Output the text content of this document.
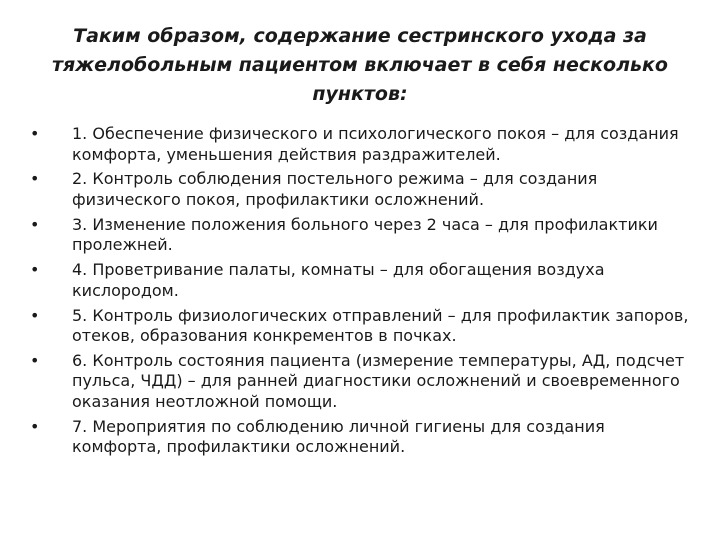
Таким образом, содержание сестринского ухода за тяжелобольным пациентом включает в себя несколько пунктов:
• 1. Обеспечение физического и психологического покоя – для создания комфорта, уменьшения действия раздражителей.
• 2. Контроль соблюдения постельного режима – для создания физического покоя, профилактики осложнений.
• 3. Изменение положения больного через 2 часа – для профилактики пролежней.
• 4. Проветривание палаты, комнаты – для обогащения воздуха кислородом.
• 5. Контроль физиологических отправлений – для профилактик запоров, отеков, образования конкрементов в почках.
• 6. Контроль состояния пациента (измерение температуры, АД, подсчет пульса, ЧДД) – для ранней диагностики осложнений и своевременного оказания неотложной помощи.
• 7. Мероприятия по соблюдению личной гигиены для создания комфорта, профилактики осложнений.
